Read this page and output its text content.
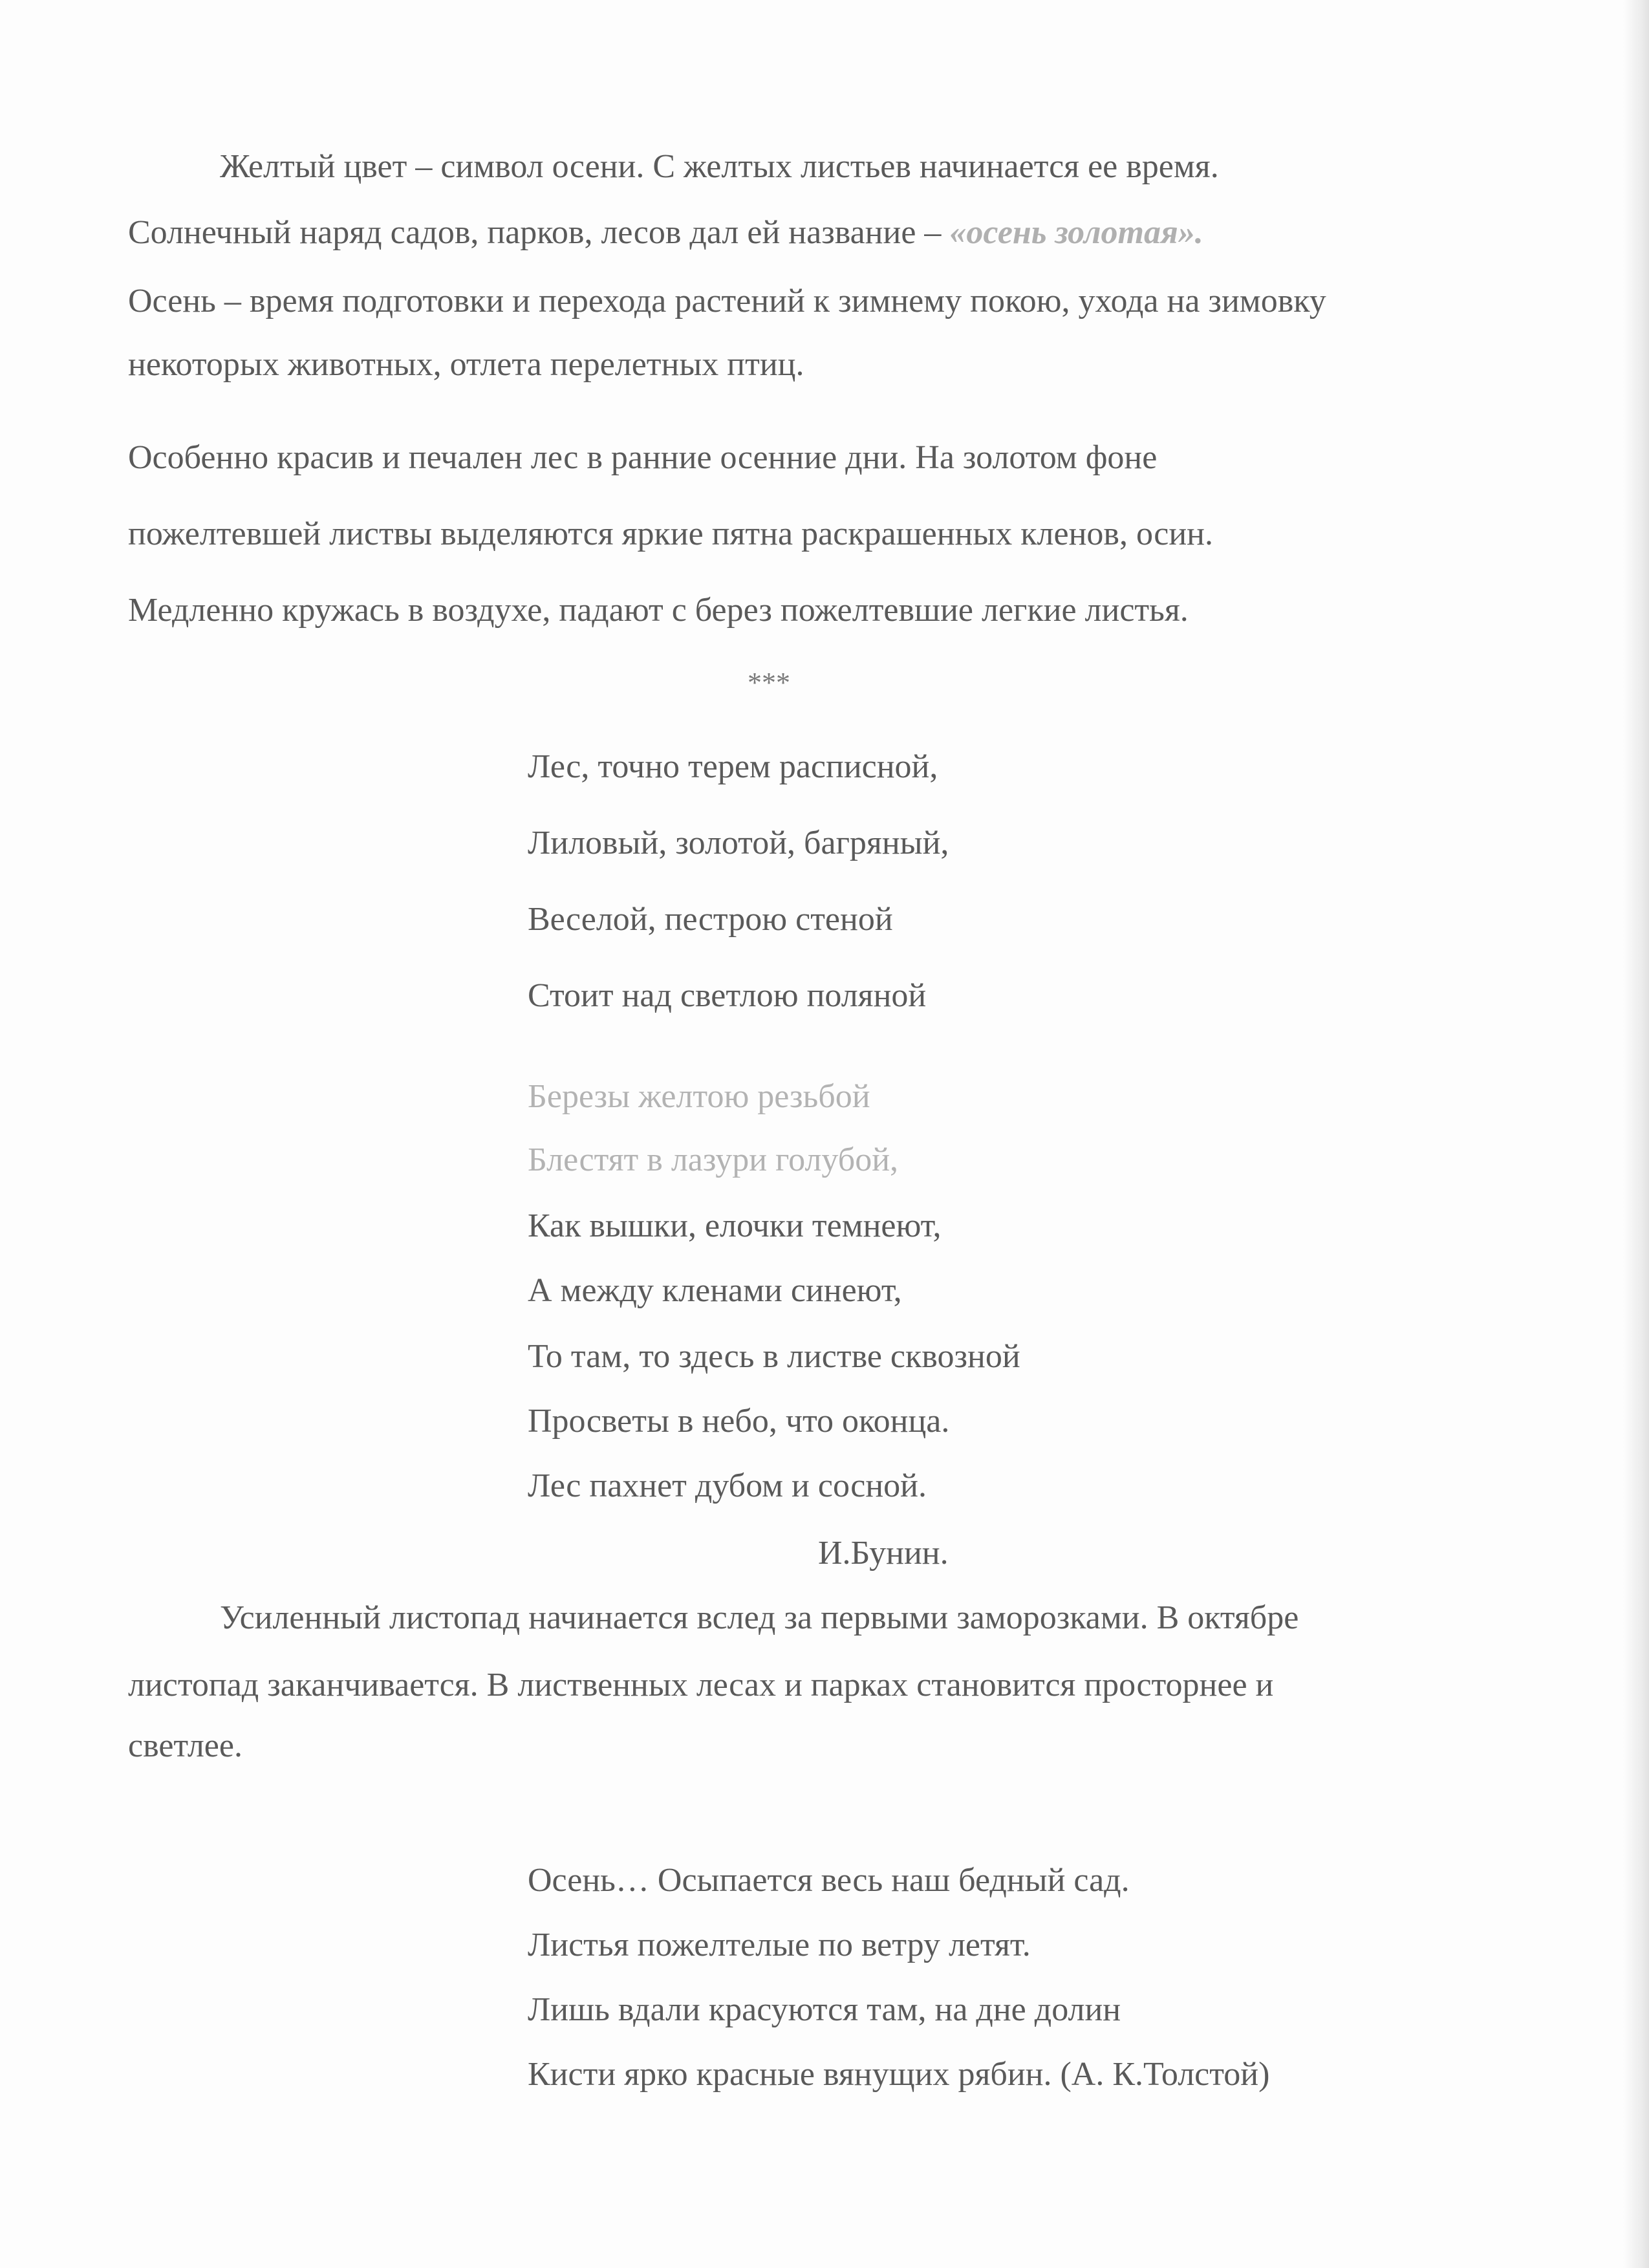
Желтый цвет – символ осени. С желтых листьев начинается ее время.

Солнечный наряд садов, парков, лесов дал ей название – «осень золотая».

Осень – время подготовки и перехода растений к зимнему покою, ухода на зимовку

некоторых животных, отлета перелетных птиц.

Особенно красив и печален лес в ранние осенние дни. На золотом фоне

пожелтевшей листвы выделяются яркие пятна раскрашенных кленов, осин.

Медленно кружась в воздухе, падают с берез пожелтевшие легкие листья.

***

Лес, точно терем расписной,

Лиловый, золотой, багряный,

Веселой, пестрою стеной

Стоит над светлою поляной

Березы желтою резьбой

Блестят в лазури голубой,

Как вышки, елочки темнеют,

А между кленами синеют,

То там, то здесь в листве сквозной

Просветы в небо, что оконца.

Лес пахнет дубом и сосной.

И.Бунин.

Усиленный листопад начинается вслед за первыми заморозками. В октябре

листопад заканчивается. В лиственных лесах и парках становится просторнее и

светлее.

Осень… Осыпается весь наш бедный сад.

Листья пожелтелые по ветру летят.

Лишь вдали красуются там, на дне долин

Кисти ярко красные вянущих рябин. (А. К.Толстой)
